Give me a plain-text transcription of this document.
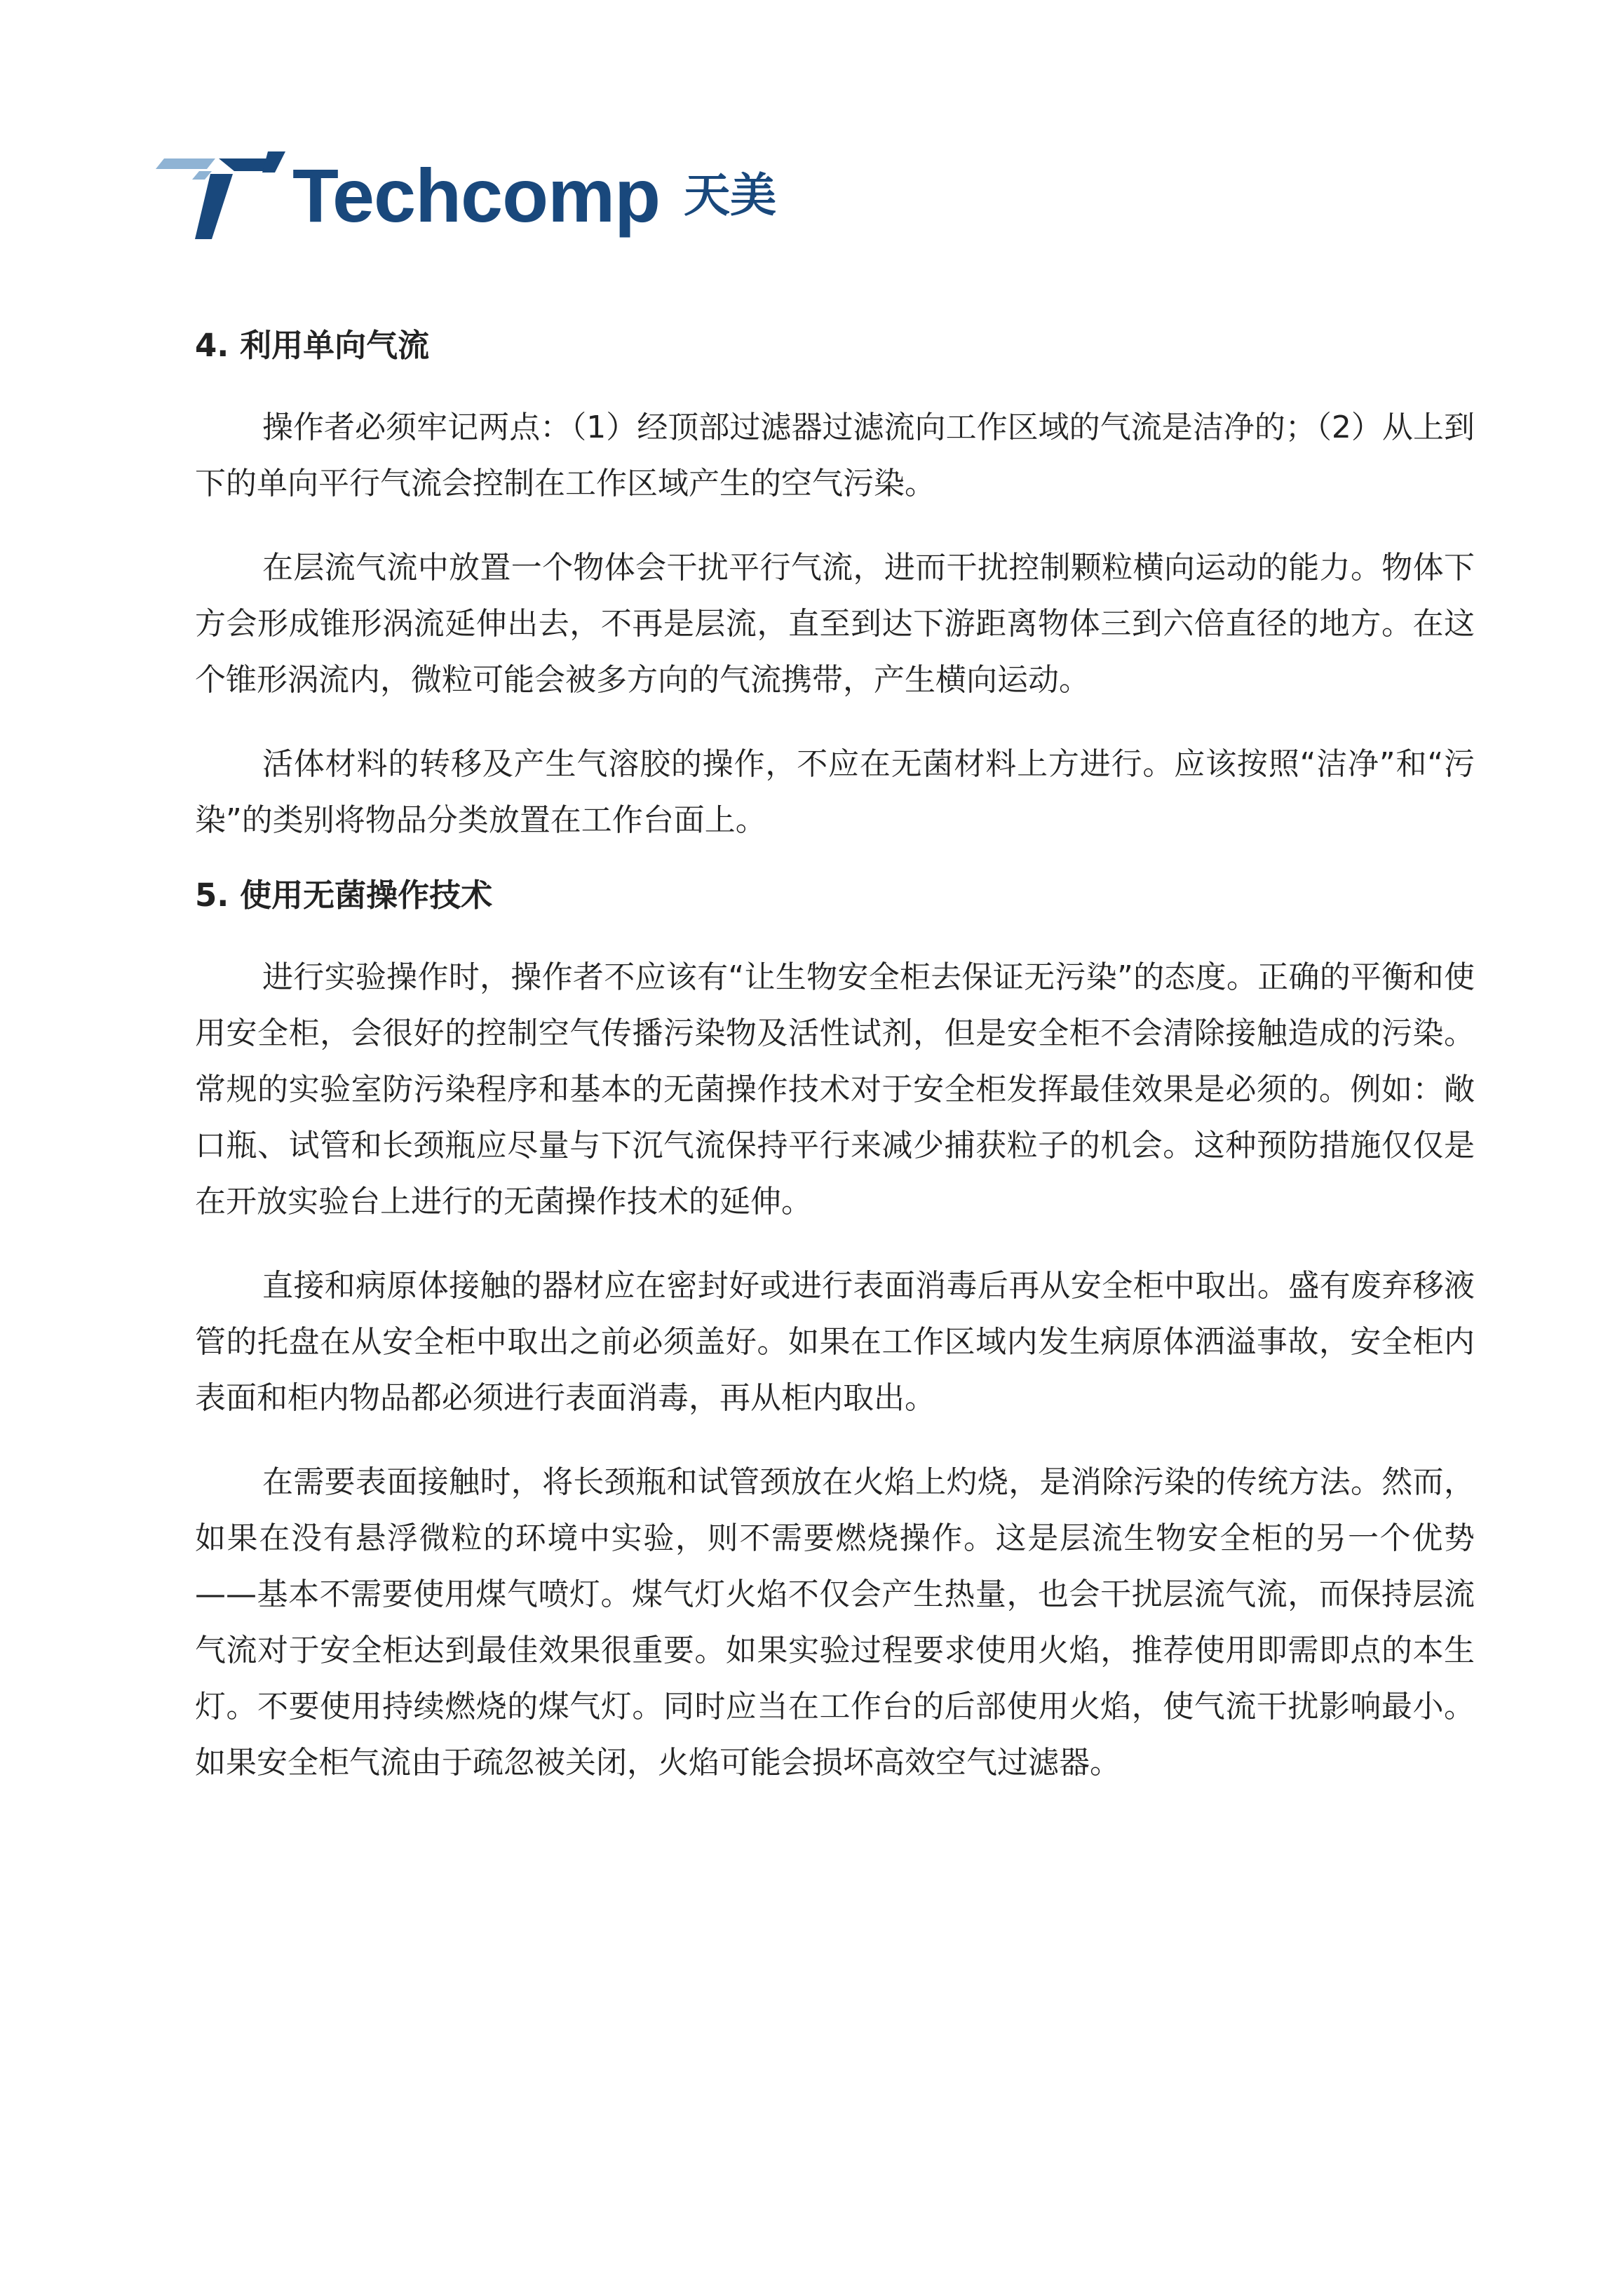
Techcomp 天美
4. 利用单向气流

操作者必须牢记两点：（1）经顶部过滤器过滤流向工作区域的气流是洁净的；（2）从上到下的单向平行气流会控制在工作区域产生的空气污染。

在层流气流中放置一个物体会干扰平行气流，进而干扰控制颗粒横向运动的能力。物体下方会形成锥形涡流延伸出去，不再是层流，直至到达下游距离物体三到六倍直径的地方。在这个锥形涡流内，微粒可能会被多方向的气流携带，产生横向运动。

活体材料的转移及产生气溶胶的操作，不应在无菌材料上方进行。应该按照“洁净”和“污染”的类别将物品分类放置在工作台面上。

5. 使用无菌操作技术

进行实验操作时，操作者不应该有“让生物安全柜去保证无污染”的态度。正确的平衡和使用安全柜，会很好的控制空气传播污染物及活性试剂，但是安全柜不会清除接触造成的污染。常规的实验室防污染程序和基本的无菌操作技术对于安全柜发挥最佳效果是必须的。例如：敞口瓶、试管和长颈瓶应尽量与下沉气流保持平行来减少捕获粒子的机会。这种预防措施仅仅是在开放实验台上进行的无菌操作技术的延伸。

直接和病原体接触的器材应在密封好或进行表面消毒后再从安全柜中取出。盛有废弃移液管的托盘在从安全柜中取出之前必须盖好。如果在工作区域内发生病原体洒溢事故，安全柜内表面和柜内物品都必须进行表面消毒，再从柜内取出。

在需要表面接触时，将长颈瓶和试管颈放在火焰上灼烧，是消除污染的传统方法。然而，如果在没有悬浮微粒的环境中实验，则不需要燃烧操作。这是层流生物安全柜的另一个优势——基本不需要使用煤气喷灯。煤气灯火焰不仅会产生热量，也会干扰层流气流，而保持层流气流对于安全柜达到最佳效果很重要。如果实验过程要求使用火焰，推荐使用即需即点的本生灯。不要使用持续燃烧的煤气灯。同时应当在工作台的后部使用火焰，使气流干扰影响最小。如果安全柜气流由于疏忽被关闭，火焰可能会损坏高效空气过滤器。
